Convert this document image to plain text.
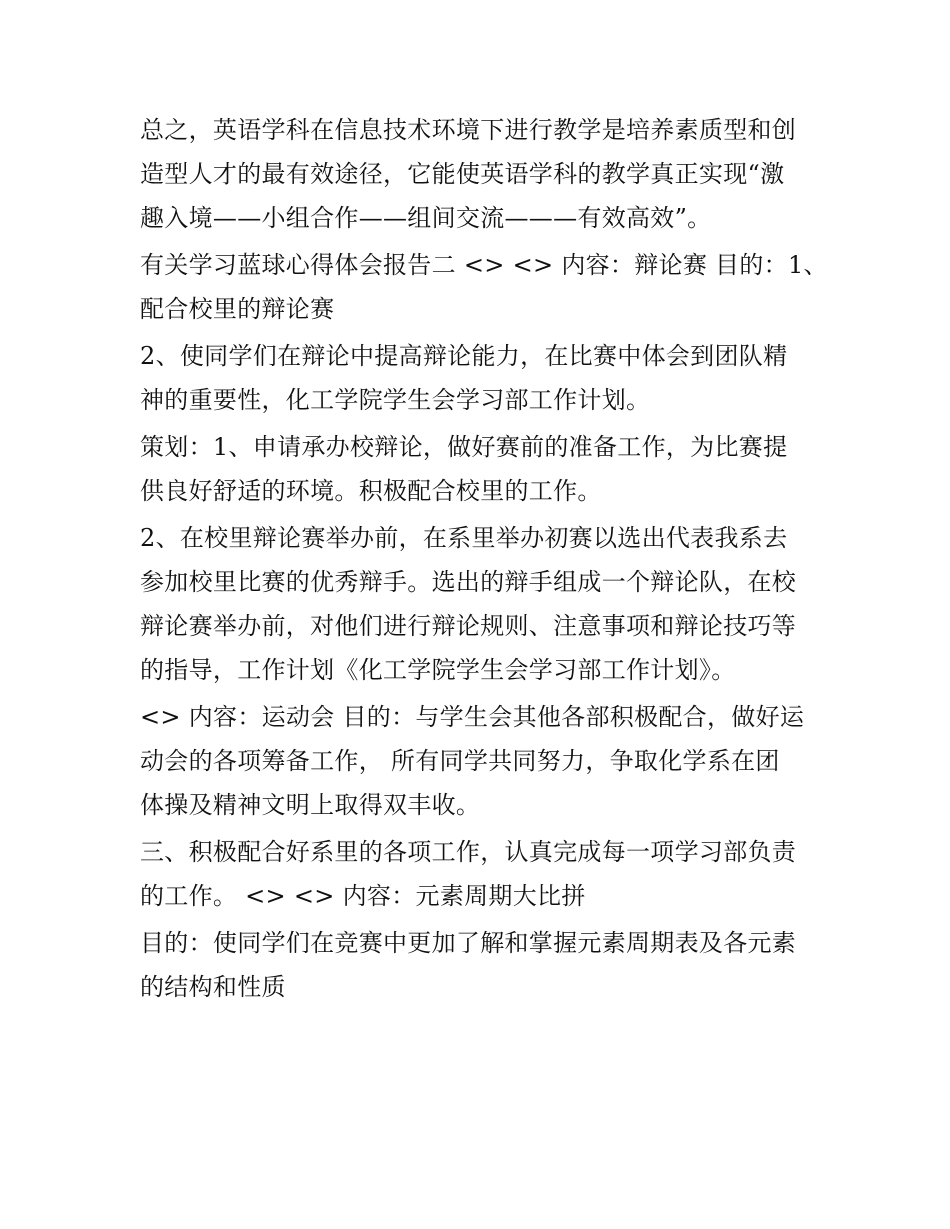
总之，英语学科在信息技术环境下进行教学是培养素质型和创
造型人才的最有效途径，它能使英语学科的教学真正实现“激
趣入境——小组合作——组间交流———有效高效”。

有关学习蓝球心得体会报告二 <> <> 内容：辩论赛 目的：1、
配合校里的辩论赛

2、使同学们在辩论中提高辩论能力，在比赛中体会到团队精
神的重要性，化工学院学生会学习部工作计划。

策划：1、申请承办校辩论，做好赛前的准备工作，为比赛提
供良好舒适的环境。积极配合校里的工作。

2、在校里辩论赛举办前，在系里举办初赛以选出代表我系去
参加校里比赛的优秀辩手。选出的辩手组成一个辩论队，在校
辩论赛举办前，对他们进行辩论规则、注意事项和辩论技巧等
的指导，工作计划《化工学院学生会学习部工作计划》。

<> 内容：运动会 目的：与学生会其他各部积极配合，做好运
动会的各项筹备工作， 所有同学共同努力，争取化学系在团
体操及精神文明上取得双丰收。

三、积极配合好系里的各项工作，认真完成每一项学习部负责
的工作。 <> <> 内容：元素周期大比拼

目的：使同学们在竞赛中更加了解和掌握元素周期表及各元素
的结构和性质
